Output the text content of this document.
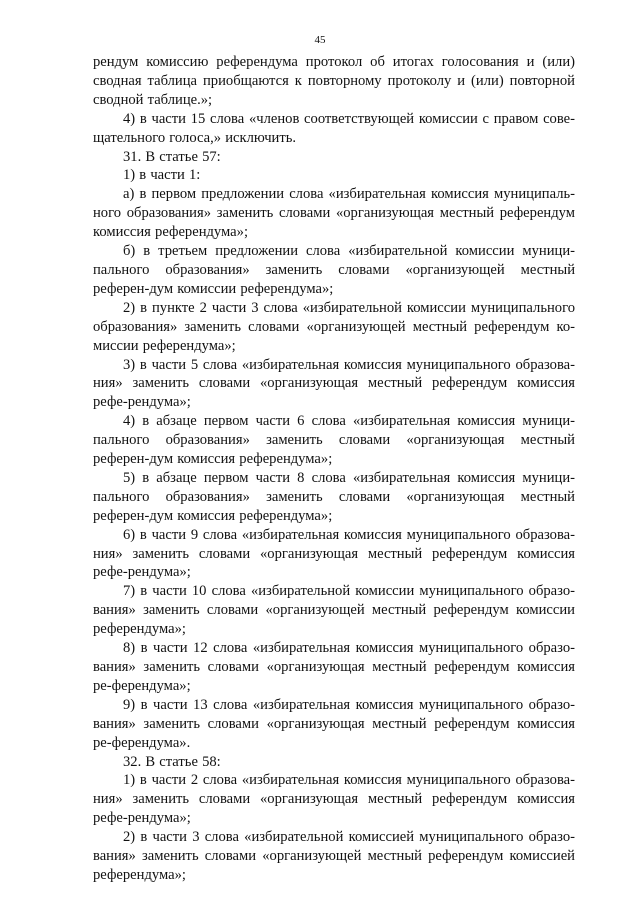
45

рендум комиссию референдума протокол об итогах голосования и (или) сводная таблица приобщаются к повторному протоколу и (или) повторной сводной таблице.»;

4) в части 15 слова «членов соответствующей комиссии с правом сове-щательного голоса,» исключить.

31. В статье 57:

1) в части 1:

а) в первом предложении слова «избирательная комиссия муниципаль-ного образования» заменить словами «организующая местный референдум комиссия референдума»;

б) в третьем предложении слова «избирательной комиссии муници-пального образования» заменить словами «организующей местный референ-дум комиссии референдума»;

2) в пункте 2 части 3 слова «избирательной комиссии муниципального образования» заменить словами «организующей местный референдум ко-миссии референдума»;

3) в части 5 слова «избирательная комиссия муниципального образова-ния» заменить словами «организующая местный референдум комиссия рефе-рендума»;

4) в абзаце первом части 6 слова «избирательная комиссия муници-пального образования» заменить словами «организующая местный референ-дум комиссия референдума»;

5) в абзаце первом части 8 слова «избирательная комиссия муници-пального образования» заменить словами «организующая местный референ-дум комиссия референдума»;

6) в части 9 слова «избирательная комиссия муниципального образова-ния» заменить словами «организующая местный референдум комиссия рефе-рендума»;

7) в части 10 слова «избирательной комиссии муниципального образо-вания» заменить словами «организующей местный референдум комиссии референдума»;

8) в части 12 слова «избирательная комиссия муниципального образо-вания» заменить словами «организующая местный референдум комиссия ре-ферендума»;

9) в части 13 слова «избирательная комиссия муниципального образо-вания» заменить словами «организующая местный референдум комиссия ре-ферендума».

32. В статье 58:

1) в части 2 слова «избирательная комиссия муниципального образова-ния» заменить словами «организующая местный референдум комиссия рефе-рендума»;

2) в части 3 слова «избирательной комиссией муниципального образо-вания» заменить словами «организующей местный референдум комиссией референдума»;
